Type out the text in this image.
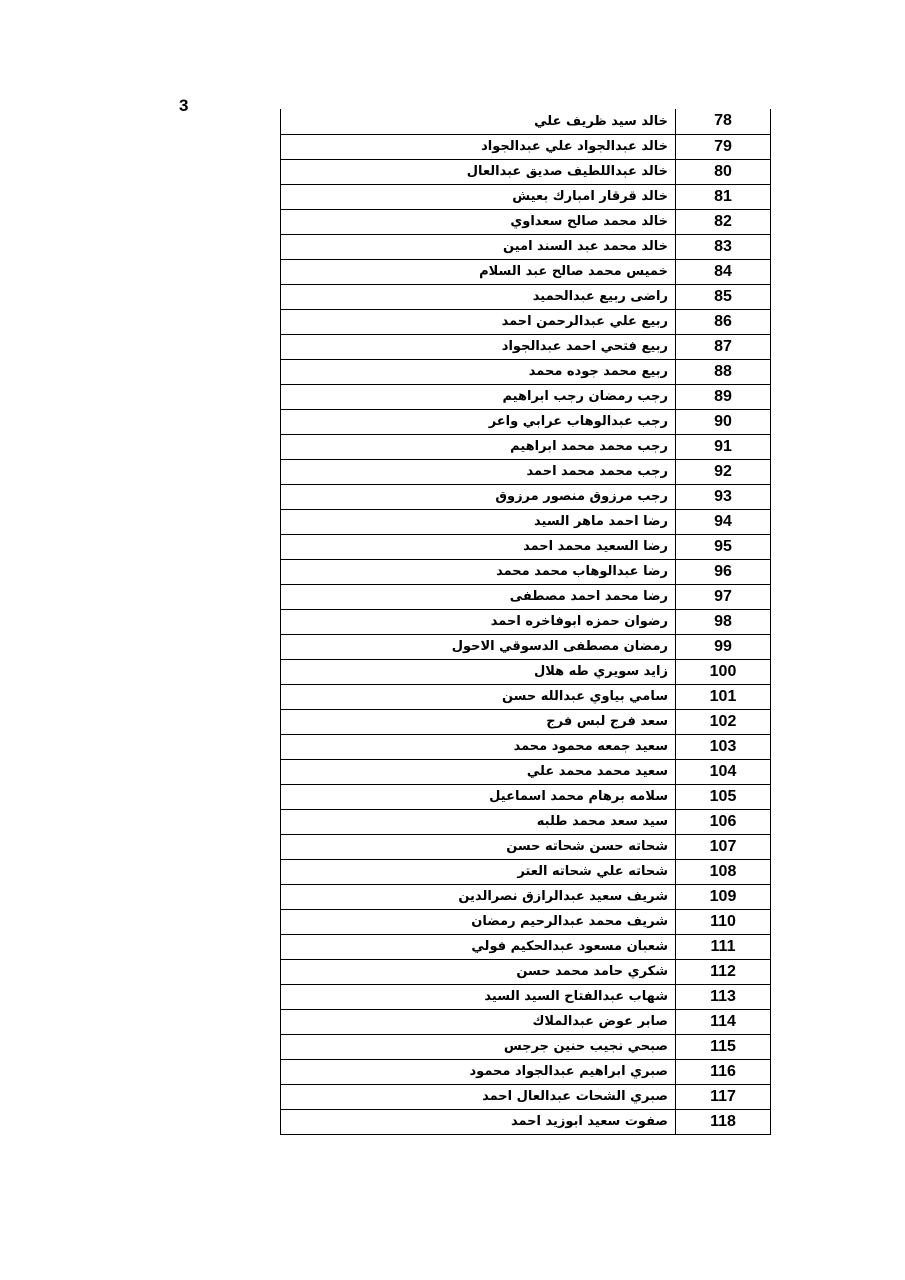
3
خالد سيد ظريف علي	78
خالد عبدالجواد علي عبدالجواد	79
خالد عبداللطيف صديق عبدالعال	80
خالد قرقار امبارك بعيش	81
خالد محمد صالح سعداوي	82
خالد محمد عبد السند امين	83
خميس محمد صالح عبد السلام	84
راضى ربيع عبدالحميد	85
ربيع علي عبدالرحمن احمد	86
ربيع فتحي احمد عبدالجواد	87
ربيع محمد جوده محمد	88
رجب رمضان رجب ابراهيم	89
رجب عبدالوهاب عرابي واعر	90
رجب محمد محمد ابراهيم	91
رجب محمد محمد احمد	92
رجب مرزوق منصور مرزوق	93
رضا احمد ماهر السيد	94
رضا السعيد محمد احمد	95
رضا عبدالوهاب محمد محمد	96
رضا محمد احمد مصطفى	97
رضوان حمزه ابوفاخره احمد	98
رمضان مصطفى الدسوقي الاحول	99
زايد سويري طه هلال	100
سامي بياوي عبدالله حسن	101
سعد فرج لبس فرج	102
سعيد جمعه محمود محمد	103
سعيد محمد محمد علي	104
سلامه برهام محمد اسماعيل	105
سيد سعد محمد طلبه	106
شحاته حسن شحاته حسن	107
شحاته علي شحاته العتر	108
شريف سعيد عبدالرازق نصرالدين	109
شريف محمد عبدالرحيم رمضان	110
شعبان مسعود عبدالحكيم فولي	111
شكري حامد محمد حسن	112
شهاب عبدالفتاح السيد السيد	113
صابر عوض عبدالملاك	114
صبحي نجيب حنين جرجس	115
صبري ابراهيم عبدالجواد محمود	116
صبري الشحات عبدالعال احمد	117
صفوت سعيد ابوزيد احمد	118
